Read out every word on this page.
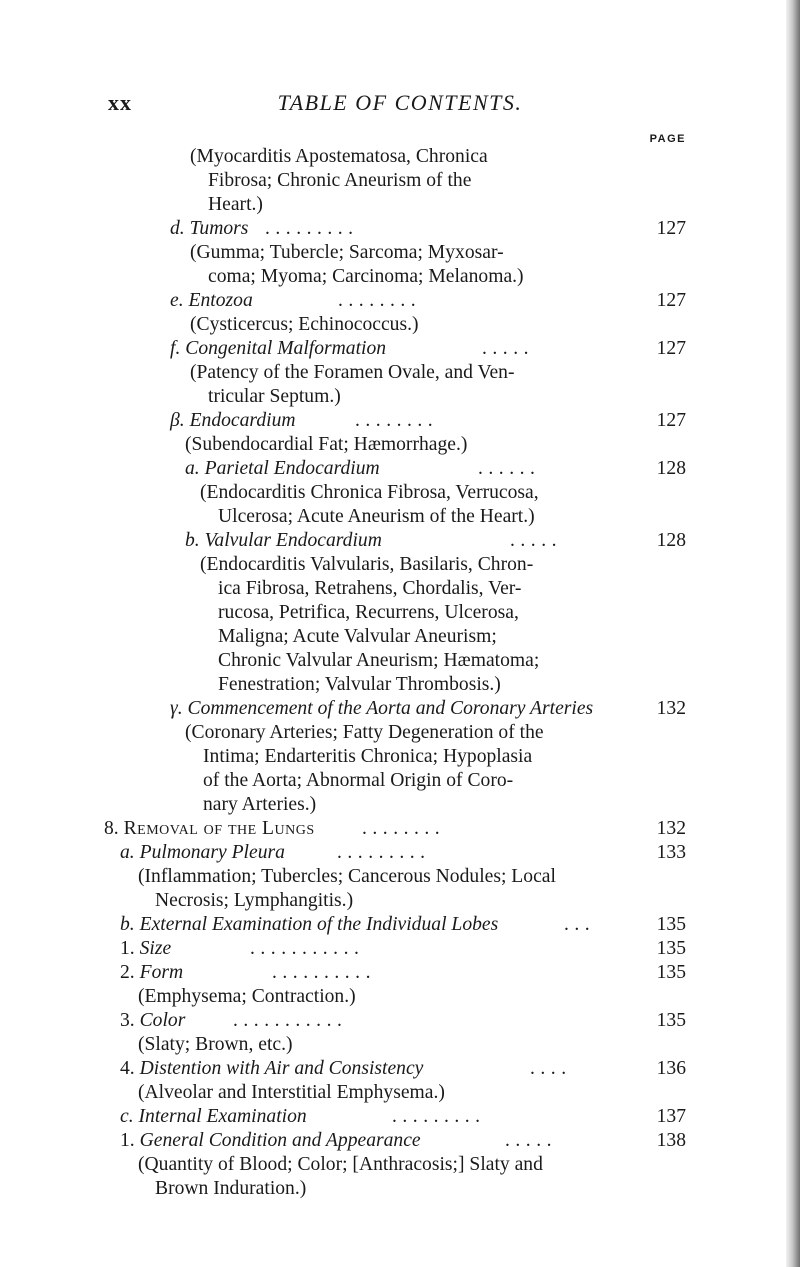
xx	TABLE OF CONTENTS.
PAGE
(Myocarditis Apostematosa, Chronica
Fibrosa; Chronic Aneurism of the
Heart.)
d. Tumors . . . . . . . . .	127
(Gumma; Tubercle; Sarcoma; Myxosar-
coma; Myoma; Carcinoma; Melanoma.)
e. Entozoa	. . . . . . . .	127
(Cysticercus; Echinococcus.)
f. Congenital Malformation	. . . . .	127
(Patency of the Foramen Ovale, and Ven-
tricular Septum.)
β. Endocardium	. . . . . . . .	127
(Subendocardial Fat; Hæmorrhage.)
a. Parietal Endocardium	. . . . . .	128
(Endocarditis Chronica Fibrosa, Verrucosa,
Ulcerosa; Acute Aneurism of the Heart.)
b. Valvular Endocardium	. . . . .	128
(Endocarditis Valvularis, Basilaris, Chron-
ica Fibrosa, Retrahens, Chordalis, Ver-
rucosa, Petrifica, Recurrens, Ulcerosa,
Maligna; Acute Valvular Aneurism;
Chronic Valvular Aneurism; Hæmatoma;
Fenestration; Valvular Thrombosis.)
γ. Commencement of the Aorta and Coronary Arteries	132
(Coronary Arteries; Fatty Degeneration of the
Intima; Endarteritis Chronica; Hypoplasia
of the Aorta; Abnormal Origin of Coro-
nary Arteries.)
8. Removal of the Lungs . . . . . . . .	132
a. Pulmonary Pleura	. . . . . . . . .	133
(Inflammation; Tubercles; Cancerous Nodules; Local
Necrosis; Lymphangitis.)
b. External Examination of the Individual Lobes	. . .	135
1. Size	. . . . . . . . . . .	135
2. Form	. . . . . . . . . .	135
(Emphysema; Contraction.)
3. Color . . . . . . . . . . .	135
(Slaty; Brown, etc.)
4. Distention with Air and Consistency	. . . .	136
(Alveolar and Interstitial Emphysema.)
c. Internal Examination	. . . . . . . . .	137
1. General Condition and Appearance	. . . . .	138
(Quantity of Blood; Color; [Anthracosis;] Slaty and
Brown Induration.)
